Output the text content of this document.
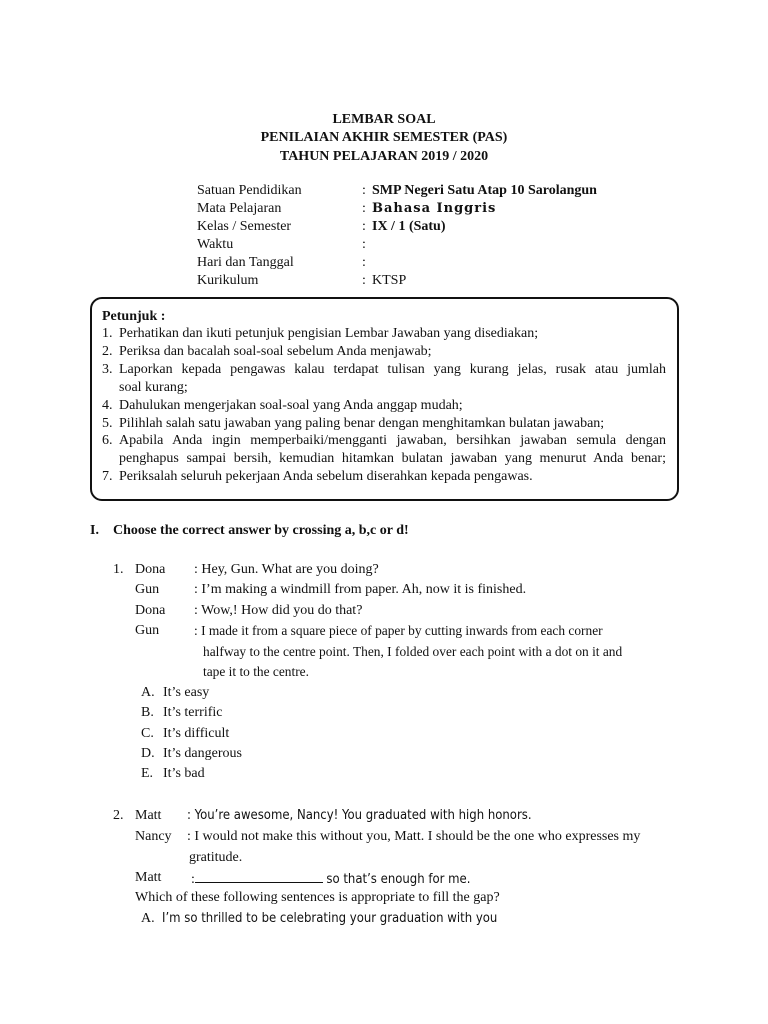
LEMBAR SOAL
PENILAIAN AKHIR SEMESTER (PAS)
TAHUN PELAJARAN 2019 / 2020
Satuan Pendidikan	: SMP Negeri Satu Atap 10 Sarolangun
Mata Pelajaran	: Bahasa Inggris
Kelas / Semester	: IX / 1 (Satu)
Waktu	:
Hari dan Tanggal	:
Kurikulum	: KTSP
Petunjuk :
1. Perhatikan dan ikuti petunjuk pengisian Lembar Jawaban yang disediakan;
2. Periksa dan bacalah soal-soal sebelum Anda menjawab;
3. Laporkan kepada pengawas kalau terdapat tulisan yang kurang jelas, rusak atau jumlah
soal kurang;
4. Dahulukan mengerjakan soal-soal yang Anda anggap mudah;
5. Pilihlah salah satu jawaban yang paling benar dengan menghitamkan bulatan jawaban;
6. Apabila Anda ingin memperbaiki/mengganti jawaban, bersihkan jawaban semula dengan
penghapus sampai bersih, kemudian hitamkan bulatan jawaban yang menurut Anda benar;
7. Periksalah seluruh pekerjaan Anda sebelum diserahkan kepada pengawas.
I. Choose the correct answer by crossing a, b,c or d!
1. Dona : Hey, Gun. What are you doing?
Gun : I’m making a windmill from paper. Ah, now it is finished.
Dona : Wow,! How did you do that?
Gun	: I made it from a square piece of paper by cutting inwards from each corner
halfway to the centre point. Then, I folded over each point with a dot on it and
tape it to the centre.
A. It’s easy
B. It’s terrific
C. It’s difficult
D. It’s dangerous
E. It’s bad
2. Matt : You’re awesome, Nancy! You graduated with high honors.
Nancy : I would not make this without you, Matt. I should be the one who expresses my
gratitude.
Matt :	so that’s enough for me.
Which of these following sentences is appropriate to fill the gap?
A. I’m so thrilled to be celebrating your graduation with you
